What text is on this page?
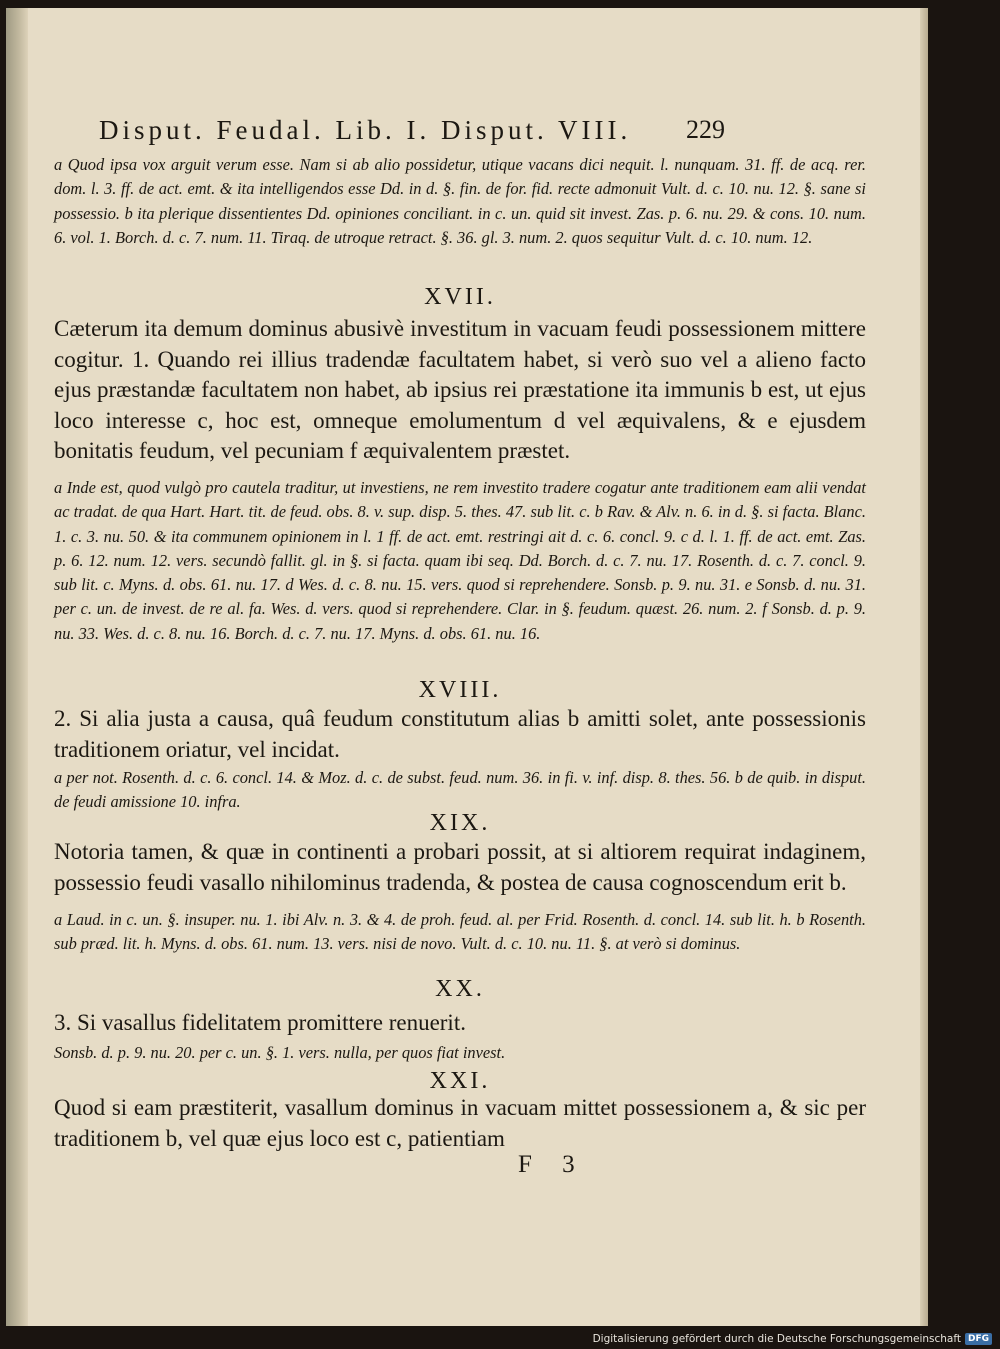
Disput. Feudal. Lib. I. Disput. VIII.	229

a Quod ipsa vox arguit verum esse. Nam si ab alio possidetur, utique vacans dici nequit. l. nunquam. 31. ff. de acq. rer. dom. l. 3. ff. de act. emt. & ita intelligendos esse Dd. in d. §. fin. de for. fid. recte admonuit Vult. d. c. 10. nu. 12. §. sane si possessio. b ita plerique dissentientes Dd. opiniones conciliant. in c. un. quid sit invest. Zas. p. 6. nu. 29. & cons. 10. num. 6. vol. 1. Borch. d. c. 7. num. 11. Tiraq. de utroque retract. §. 36. gl. 3. num. 2. quos sequitur Vult. d. c. 10. num. 12.

XVII.

Cæterum ita demum dominus abusivè investitum in vacuam feudi possessionem mittere cogitur. 1. Quando rei illius tradendæ facultatem habet, si verò suo vel a alieno facto ejus præstandæ facultatem non habet, ab ipsius rei præstatione ita immunis b est, ut ejus loco interesse c, hoc est, omneque emolumentum d vel æquivalens, & e ejusdem bonitatis feudum, vel pecuniam f æquivalentem præstet.

a Inde est, quod vulgò pro cautela traditur, ut investiens, ne rem investito tradere cogatur ante traditionem eam alii vendat ac tradat. de qua Hart. Hart. tit. de feud. obs. 8. v. sup. disp. 5. thes. 47. sub lit. c. b Rav. & Alv. n. 6. in d. §. si facta. Blanc. 1. c. 3. nu. 50. & ita communem opinionem in l. 1 ff. de act. emt. restringi ait d. c. 6. concl. 9. c d. l. 1. ff. de act. emt. Zas. p. 6. 12. num. 12. vers. secundò fallit. gl. in §. si facta. quam ibi seq. Dd. Borch. d. c. 7. nu. 17. Rosenth. d. c. 7. concl. 9. sub lit. c. Myns. d. obs. 61. nu. 17. d Wes. d. c. 8. nu. 15. vers. quod si reprehendere. Sonsb. p. 9. nu. 31. e Sonsb. d. nu. 31. per c. un. de invest. de re al. fa. Wes. d. vers. quod si reprehendere. Clar. in §. feudum. quæst. 26. num. 2. f Sonsb. d. p. 9. nu. 33. Wes. d. c. 8. nu. 16. Borch. d. c. 7. nu. 17. Myns. d. obs. 61. nu. 16.

XVIII.

2. Si alia justa a causa, quâ feudum constitutum alias b amitti solet, ante possessionis traditionem oriatur, vel incidat.

a per not. Rosenth. d. c. 6. concl. 14. & Moz. d. c. de subst. feud. num. 36. in fi. v. inf. disp. 8. thes. 56. b de quib. in disput. de feudi amissione 10. infra.

XIX.

Notoria tamen, & quæ in continenti a probari possit, at si altiorem requirat indaginem, possessio feudi vasallo nihilominus tradenda, & postea de causa cognoscendum erit b.

a Laud. in c. un. §. insuper. nu. 1. ibi Alv. n. 3. & 4. de proh. feud. al. per Frid. Rosenth. d. concl. 14. sub lit. h. b Rosenth. sub præd. lit. h. Myns. d. obs. 61. num. 13. vers. nisi de novo. Vult. d. c. 10. nu. 11. §. at verò si dominus.

XX.

3. Si vasallus fidelitatem promittere renuerit.

Sonsb. d. p. 9. nu. 20. per c. un. §. 1. vers. nulla, per quos fiat invest.

XXI.

Quod si eam præstiterit, vasallum dominus in vacuam mittet possessionem a, & sic per traditionem b, vel quæ ejus loco est c, patientiam

F 3
Digitalisierung gefördert durch die Deutsche Forschungsgemeinschaft DFG
